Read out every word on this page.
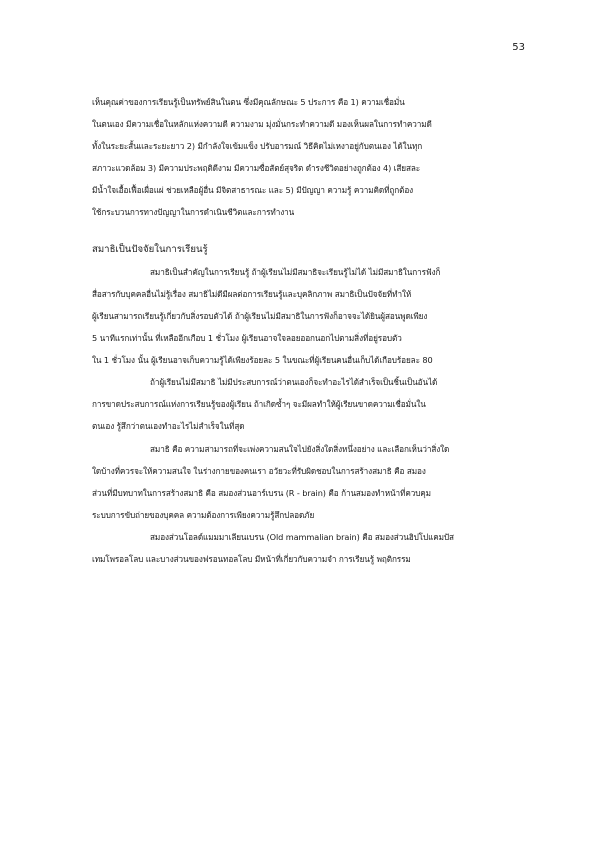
53
เห็นคุณค่าของการเรียนรู้เป็นทรัพย์สินในตน ซึ่งมีคุณลักษณะ 5 ประการ คือ 1) ความเชื่อมั่น
ในตนเอง มีความเชื่อในหลักแห่งความดี ความงาม มุ่งมั่นกระทำความดี มองเห็นผลในการทำความดี
ทั้งในระยะสั้นและระยะยาว 2) มีกำลังใจเข้มแข็ง ปรับอารมณ์ วิธีคิดไม่เหงาอยู่กับตนเอง ได้ในทุก
สภาวะแวดล้อม 3) มีความประพฤติดีงาม มีความซื่อสัตย์สุจริต ดำรงชีวิตอย่างถูกต้อง 4) เสียสละ
มีน้ำใจเอื้อเฟื้อเผื่อแผ่ ช่วยเหลือผู้อื่น มีจิตสาธารณะ และ 5) มีปัญญา ความรู้ ความคิดที่ถูกต้อง
ใช้กระบวนการทางปัญญาในการดำเนินชีวิตและการทำงาน
สมาธิเป็นปัจจัยในการเรียนรู้
สมาธิเป็นสำคัญในการเรียนรู้ ถ้าผู้เรียนไม่มีสมาธิจะเรียนรู้ไม่ได้ ไม่มีสมาธิในการฟังก็
สื่อสารกับบุคคลอื่นไม่รู้เรื่อง สมาธิไม่ดีมีผลต่อการเรียนรู้และบุคลิกภาพ สมาธิเป็นปัจจัยที่ทำให้
ผู้เรียนสามารถเรียนรู้เกี่ยวกับสิ่งรอบตัวได้ ถ้าผู้เรียนไม่มีสมาธิในการฟังก็อาจจะได้ยินผู้สอนพูดเพียง
5 นาทีแรกเท่านั้น ที่เหลืออีกเกือบ 1 ชั่วโมง ผู้เรียนอาจใจลอยออกนอกไปตามสิ่งที่อยู่รอบตัว
ใน 1 ชั่วโมง นั้น ผู้เรียนอาจเก็บความรู้ได้เพียงร้อยละ 5 ในขณะที่ผู้เรียนคนอื่นเก็บได้เกือบร้อยละ 80
ถ้าผู้เรียนไม่มีสมาธิ ไม่มีประสบการณ์ว่าตนเองก็จะทำอะไรได้สำเร็จเป็นชิ้นเป็นอันได้
การขาดประสบการณ์แห่งการเรียนรู้ของผู้เรียน ถ้าเกิดซ้ำๆ จะมีผลทำให้ผู้เรียนขาดความเชื่อมั่นใน
ตนเอง รู้สึกว่าตนเองทำอะไรไม่สำเร็จในที่สุด
สมาธิ คือ ความสามารถที่จะเพ่งความสนใจไปยังสิ่งใดสิ่งหนึ่งอย่าง และเลือกเห็นว่าสิ่งใด
ใดบ้างที่ควรจะให้ความสนใจ ในร่างกายของคนเรา อวัยวะที่รับผิดชอบในการสร้างสมาธิ คือ สมอง
ส่วนที่มีบทบาทในการสร้างสมาธิ คือ สมองส่วนอาร์เบรน (R - brain) คือ ก้านสมองทำหน้าที่ควบคุม
ระบบการขับถ่ายของบุคคล ความต้องการเพียงความรู้สึกปลอดภัย
สมองส่วนโอลด์แมมมาเลียนเบรน (Old mammalian brain) คือ สมองส่วนฮิปโปแคมปัส
เทมโพรอลโลบ และบางส่วนของฟรอนทอลโลบ มีหน้าที่เกี่ยวกับความจำ การเรียนรู้ พฤติกรรม
